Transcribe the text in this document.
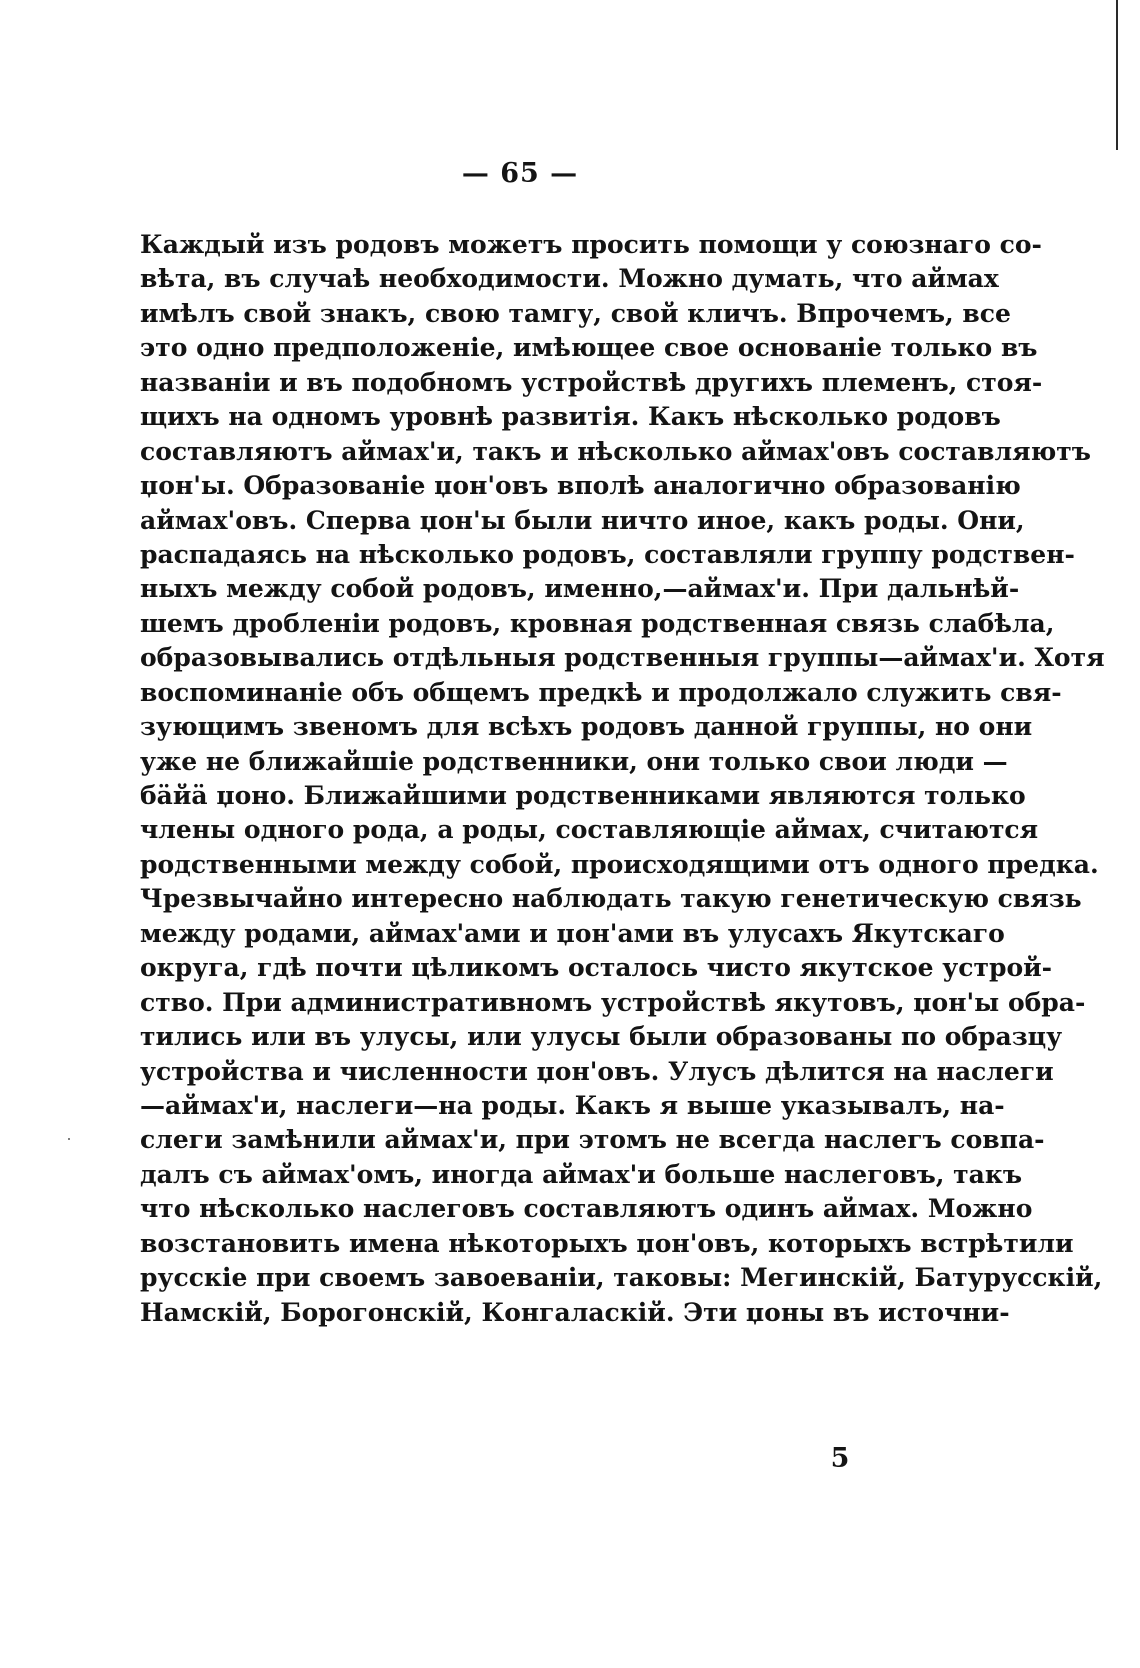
— 65 —
Каждый изъ родовъ можетъ просить помощи у союзнаго со-
вѣта, въ случаѣ необходимости. Можно думать, что аймах
имѣлъ свой знакъ, свою тамгу, свой кличъ. Впрочемъ, все
это одно предположеніе, имѣющее свое основаніе только въ
названіи и въ подобномъ устройствѣ другихъ племенъ, стоя-
щихъ на одномъ уровнѣ развитія. Какъ нѣсколько родовъ
составляютъ аймах'и, такъ и нѣсколько аймах'овъ составляютъ
џон'ы. Образованіе џон'овъ вполѣ аналогично образованію
аймах'овъ. Сперва џон'ы были ничто иное, какъ роды. Они,
распадаясь на нѣсколько родовъ, составляли группу родствен-
ныхъ между собой родовъ, именно,—аймах'и. При дальнѣй-
шемъ дробленіи родовъ, кровная родственная связь слабѣла,
образовывались отдѣльныя родственныя группы—аймах'и. Хотя
воспоминаніе объ общемъ предкѣ и продолжало служить свя-
зующимъ звеномъ для всѣхъ родовъ данной группы, но они
уже не ближайшіе родственники, они только свои люди —
бäйä џоно. Ближайшими родственниками являются только
члены одного рода, а роды, составляющіе аймах, считаются
родственными между собой, происходящими отъ одного предка.
Чрезвычайно интересно наблюдать такую генетическую связь
между родами, аймах'ами и џон'ами въ улусахъ Якутскаго
округа, гдѣ почти цѣликомъ осталось чисто якутское устрой-
ство. При административномъ устройствѣ якутовъ, џон'ы обра-
тились или въ улусы, или улусы были образованы по образцу
устройства и численности џон'овъ. Улусъ дѣлится на наслеги
—аймах'и, наслеги—на роды. Какъ я выше указывалъ, на-
слеги замѣнили аймах'и, при этомъ не всегда наслегъ совпа-
далъ съ аймах'омъ, иногда аймах'и больше наслеговъ, такъ
что нѣсколько наслеговъ составляютъ одинъ аймах. Можно
возстановить имена нѣкоторыхъ џон'овъ, которыхъ встрѣтили
русскіе при своемъ завоеваніи, таковы: Мегинскій, Батурусскій,
Намскій, Борогонскій, Конгаласкій. Эти џоны въ источни-
5
